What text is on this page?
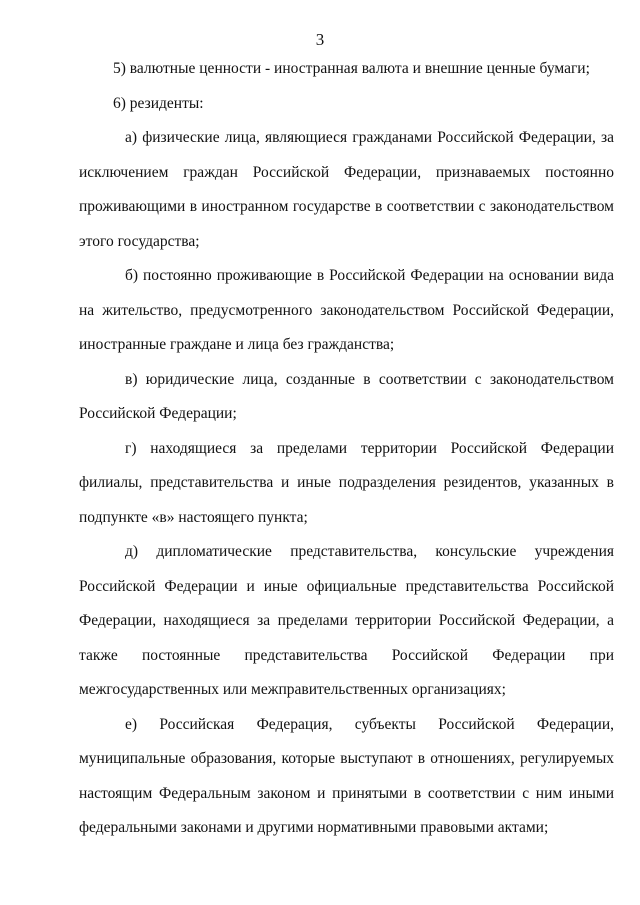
3

5) валютные ценности - иностранная валюта и внешние ценные бумаги;

6) резиденты:

а) физические лица, являющиеся гражданами Российской Федерации, за исключением граждан Российской Федерации, признаваемых постоянно проживающими в иностранном государстве в соответствии с законодательством этого государства;

б) постоянно проживающие в Российской Федерации на основании вида на жительство, предусмотренного законодательством Российской Федерации, иностранные граждане и лица без гражданства;

в) юридические лица, созданные в соответствии с законодательством Российской Федерации;

г) находящиеся за пределами территории Российской Федерации филиалы, представительства и иные подразделения резидентов, указанных в подпункте «в» настоящего пункта;

д) дипломатические представительства, консульские учреждения Российской Федерации и иные официальные представительства Российской Федерации, находящиеся за пределами территории Российской Федерации, а также постоянные представительства Российской Федерации при межгосударственных или межправительственных организациях;

е) Российская Федерация, субъекты Российской Федерации, муниципальные образования, которые выступают в отношениях, регулируемых настоящим Федеральным законом и принятыми в соответствии с ним иными федеральными законами и другими нормативными правовыми актами;
